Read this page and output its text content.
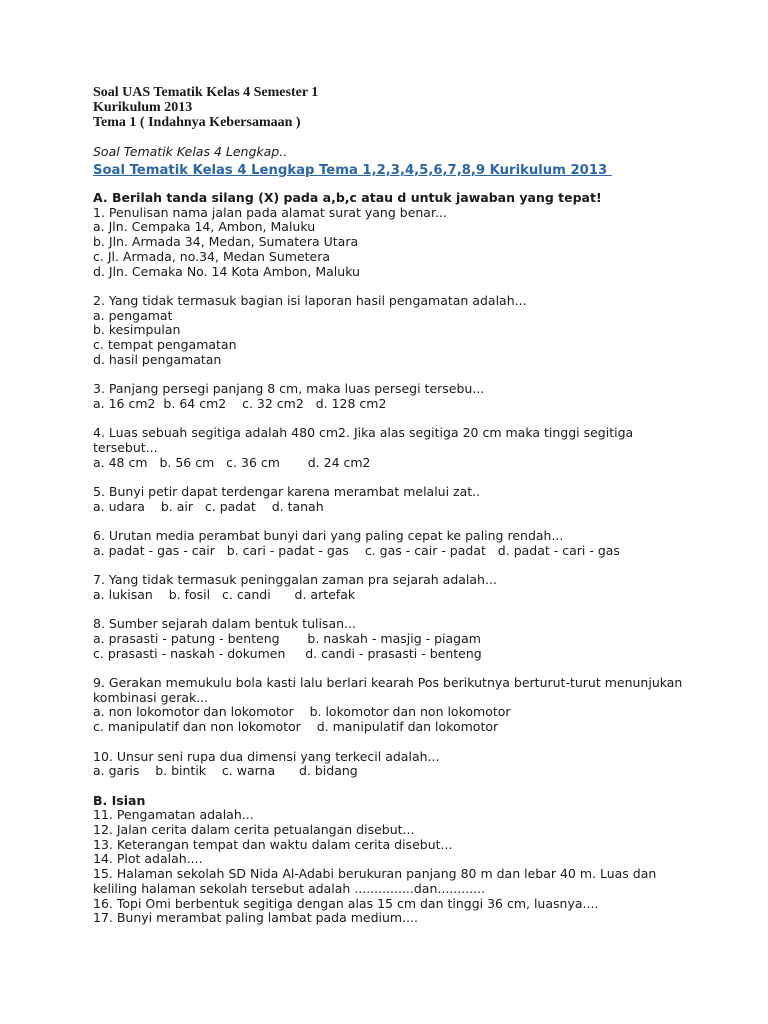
Soal UAS Tematik Kelas 4 Semester 1
Kurikulum 2013
Tema 1 ( Indahnya Kebersamaan )
Soal Tematik Kelas 4 Lengkap..
Soal Tematik Kelas 4 Lengkap Tema 1,2,3,4,5,6,7,8,9 Kurikulum 2013
A. Berilah tanda silang (X) pada a,b,c atau d untuk jawaban yang tepat!
1. Penulisan nama jalan pada alamat surat yang benar...
a. Jln. Cempaka 14, Ambon, Maluku
b. Jln. Armada 34, Medan, Sumatera Utara
c. Jl. Armada, no.34, Medan Sumetera
d. Jln. Cemaka No. 14 Kota Ambon, Maluku
2. Yang tidak termasuk bagian isi laporan hasil pengamatan adalah...
a. pengamat
b. kesimpulan
c. tempat pengamatan
d. hasil pengamatan
3. Panjang persegi panjang 8 cm, maka luas persegi tersebu...
a. 16 cm2  b. 64 cm2    c. 32 cm2   d. 128 cm2
4. Luas sebuah segitiga adalah 480 cm2. Jika alas segitiga 20 cm maka tinggi segitiga
tersebut...
a. 48 cm   b. 56 cm   c. 36 cm       d. 24 cm2
5. Bunyi petir dapat terdengar karena merambat melalui zat..
a. udara    b. air   c. padat    d. tanah
6. Urutan media perambat bunyi dari yang paling cepat ke paling rendah...
a. padat - gas - cair   b. cari - padat - gas    c. gas - cair - padat   d. padat - cari - gas
7. Yang tidak termasuk peninggalan zaman pra sejarah adalah...
a. lukisan    b. fosil   c. candi      d. artefak
8. Sumber sejarah dalam bentuk tulisan...
a. prasasti - patung - benteng       b. naskah - masjig - piagam
c. prasasti - naskah - dokumen     d. candi - prasasti - benteng
9. Gerakan memukulu bola kasti lalu berlari kearah Pos berikutnya berturut-turut menunjukan
kombinasi gerak...
a. non lokomotor dan lokomotor    b. lokomotor dan non lokomotor
c. manipulatif dan non lokomotor    d. manipulatif dan lokomotor
10. Unsur seni rupa dua dimensi yang terkecil adalah...
a. garis    b. bintik    c. warna      d. bidang
B. Isian
11. Pengamatan adalah...
12. Jalan cerita dalam cerita petualangan disebut...
13. Keterangan tempat dan waktu dalam cerita disebut...
14. Plot adalah....
15. Halaman sekolah SD Nida Al-Adabi berukuran panjang 80 m dan lebar 40 m. Luas dan
keliling halaman sekolah tersebut adalah ...............dan............
16. Topi Omi berbentuk segitiga dengan alas 15 cm dan tinggi 36 cm, luasnya....
17. Bunyi merambat paling lambat pada medium....
